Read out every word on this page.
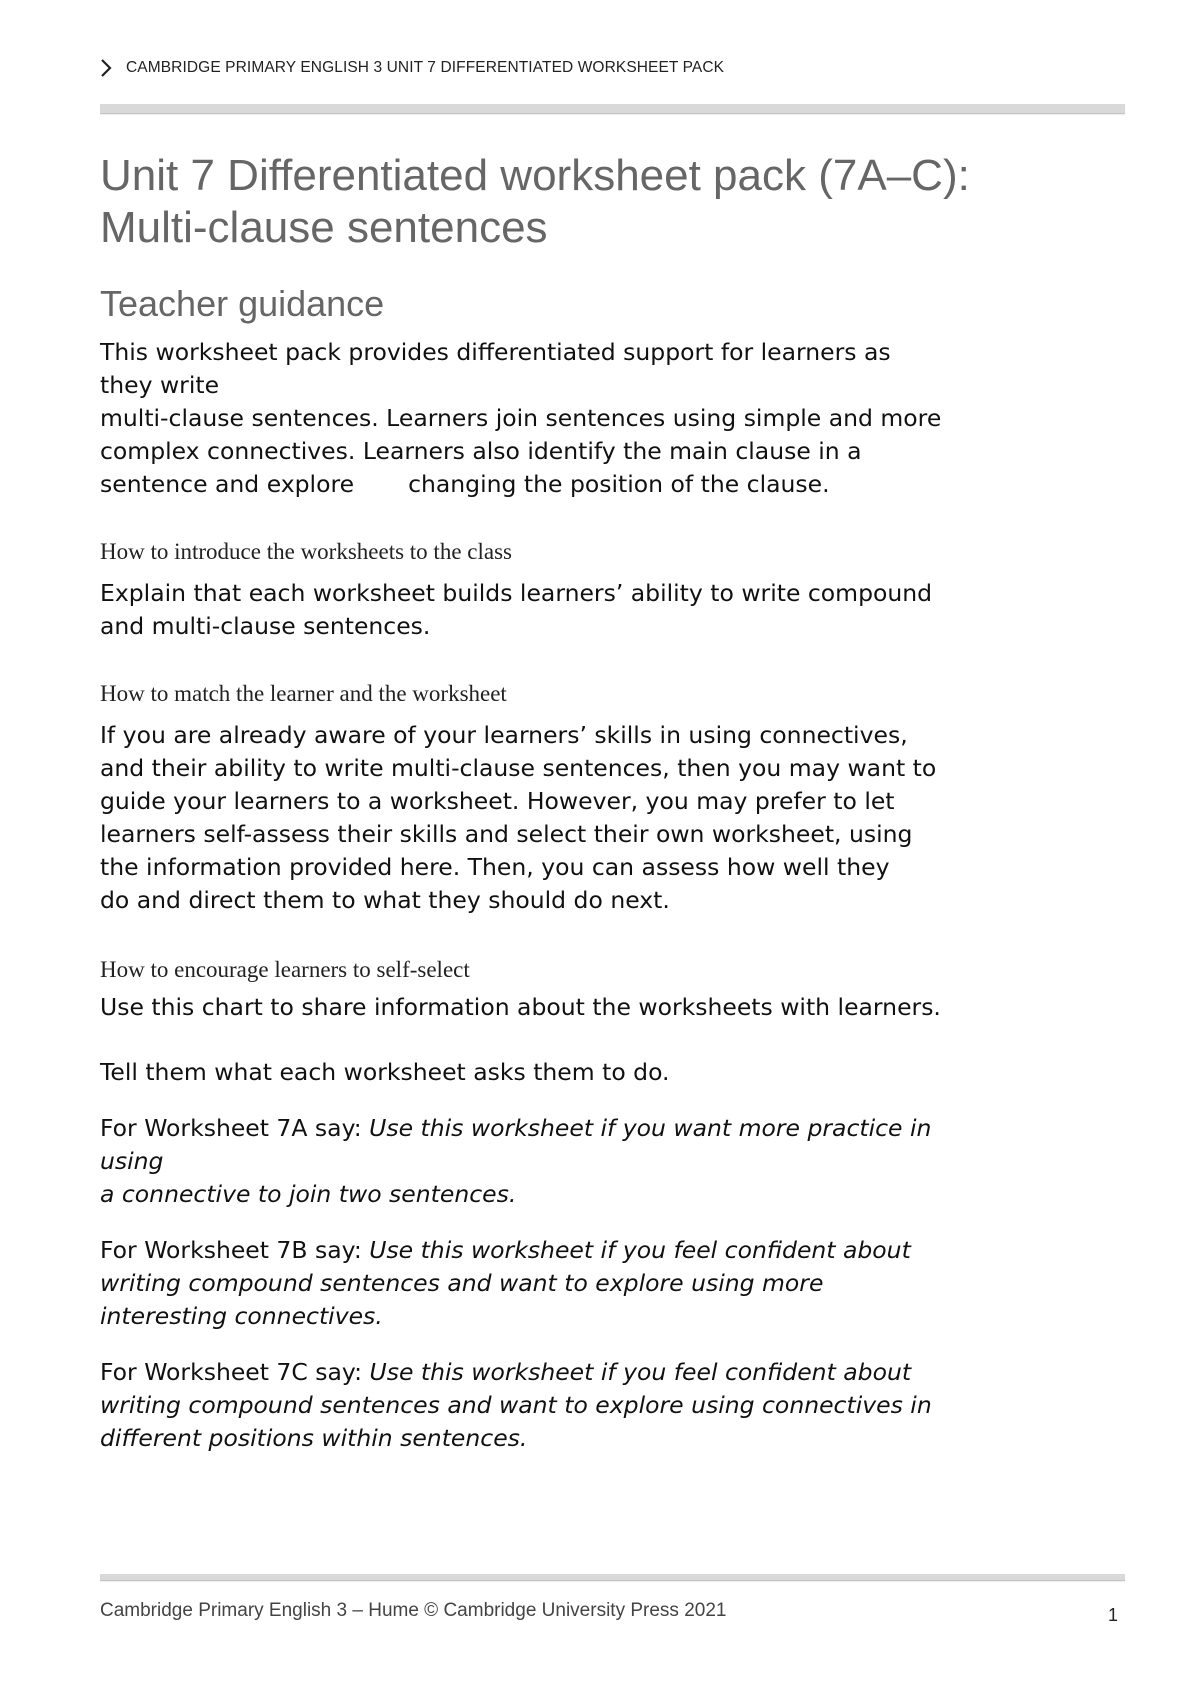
CAMBRIDGE PRIMARY ENGLISH 3 UNIT 7 DIFFERENTIATED WORKSHEET PACK
Unit 7 Differentiated worksheet pack (7A–C):
Multi-clause sentences
Teacher guidance

This worksheet pack provides differentiated support for learners as
they write
multi-clause sentences. Learners join sentences using simple and more
complex connectives. Learners also identify the main clause in a
sentence and explore changing the position of the clause.

How to introduce the worksheets to the class

Explain that each worksheet builds learners’ ability to write compound
and multi-clause sentences.

How to match the learner and the worksheet

If you are already aware of your learners’ skills in using connectives,
and their ability to write multi-clause sentences, then you may want to
guide your learners to a worksheet. However, you may prefer to let
learners self-assess their skills and select their own worksheet, using
the information provided here. Then, you can assess how well they
do and direct them to what they should do next.

How to encourage learners to self-select

Use this chart to share information about the worksheets with learners.

Tell them what each worksheet asks them to do.

For Worksheet 7A say: Use this worksheet if you want more practice in
using
a connective to join two sentences.

For Worksheet 7B say: Use this worksheet if you feel confident about
writing compound sentences and want to explore using more
interesting connectives.

For Worksheet 7C say: Use this worksheet if you feel confident about
writing compound sentences and want to explore using connectives in
different positions within sentences.

Cambridge Primary English 3 – Hume © Cambridge University Press 2021	1
